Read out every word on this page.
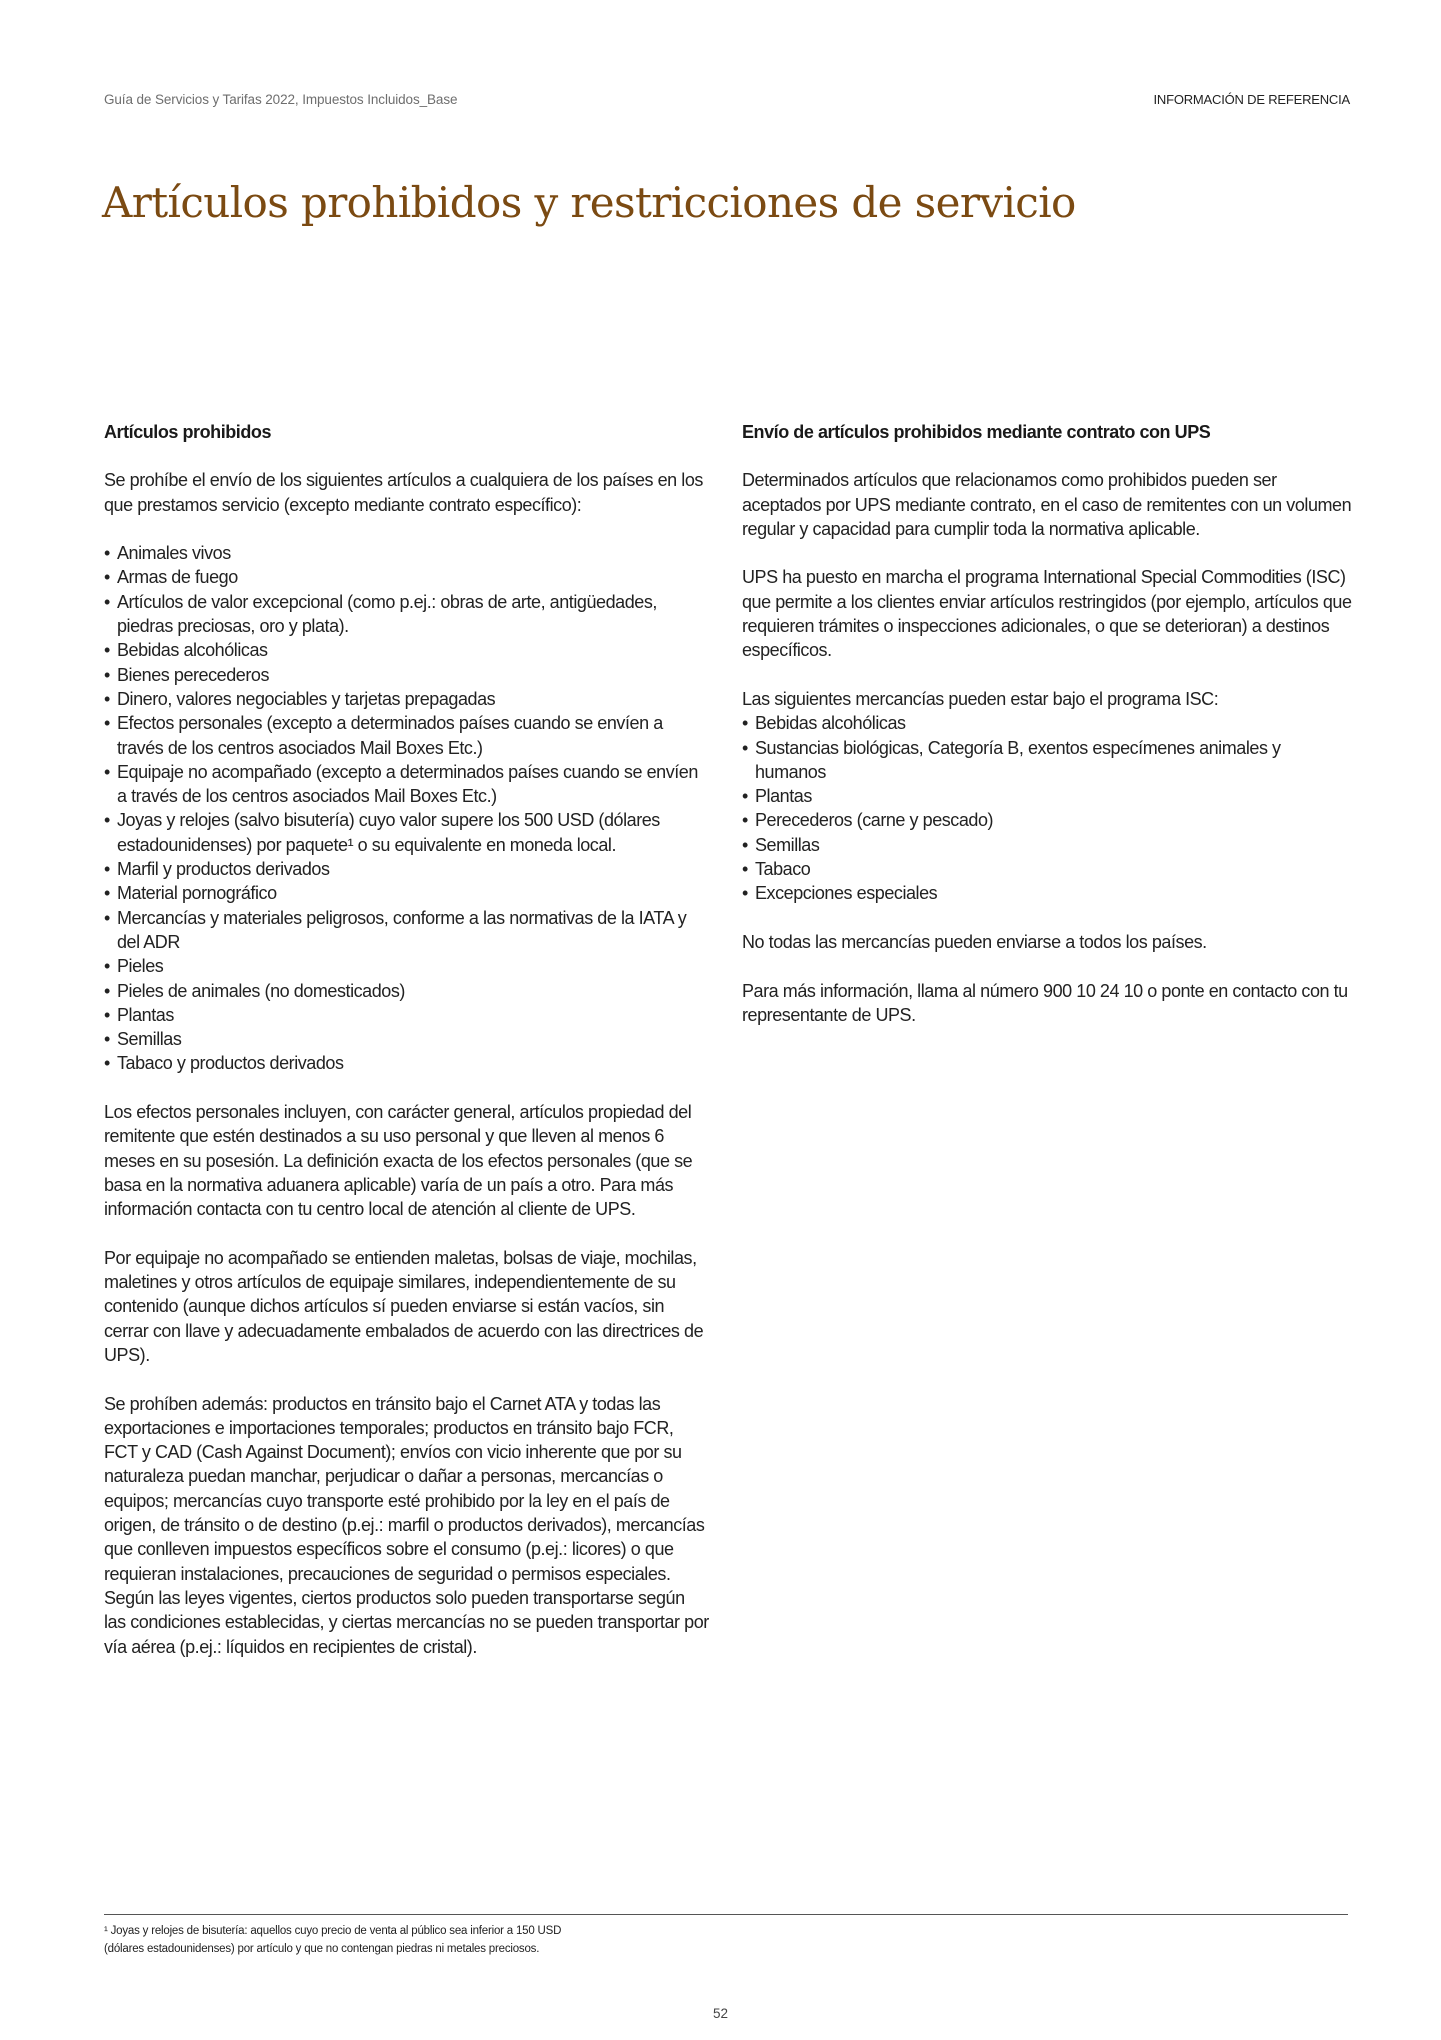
Guía de Servicios y Tarifas 2022, Impuestos Incluidos_Base	INFORMACIÓN DE REFERENCIA
Artículos prohibidos y restricciones de servicio
Artículos prohibidos

Se prohíbe el envío de los siguientes artículos a cualquiera de los países en los que prestamos servicio (excepto mediante contrato específico):

• Animales vivos
• Armas de fuego
• Artículos de valor excepcional (como p.ej.: obras de arte, antigüedades, piedras preciosas, oro y plata).
• Bebidas alcohólicas
• Bienes perecederos
• Dinero, valores negociables y tarjetas prepagadas
• Efectos personales (excepto a determinados países cuando se envíen a través de los centros asociados Mail Boxes Etc.)
• Equipaje no acompañado (excepto a determinados países cuando se envíen a través de los centros asociados Mail Boxes Etc.)
• Joyas y relojes (salvo bisutería) cuyo valor supere los 500 USD (dólares estadounidenses) por paquete¹ o su equivalente en moneda local.
• Marfil y productos derivados
• Material pornográfico
• Mercancías y materiales peligrosos, conforme a las normativas de la IATA y del ADR
• Pieles
• Pieles de animales (no domesticados)
• Plantas
• Semillas
• Tabaco y productos derivados

Los efectos personales incluyen, con carácter general, artículos propiedad del remitente que estén destinados a su uso personal y que lleven al menos 6 meses en su posesión. La definición exacta de los efectos personales (que se basa en la normativa aduanera aplicable) varía de un país a otro. Para más información contacta con tu centro local de atención al cliente de UPS.

Por equipaje no acompañado se entienden maletas, bolsas de viaje, mochilas, maletines y otros artículos de equipaje similares, independientemente de su contenido (aunque dichos artículos sí pueden enviarse si están vacíos, sin cerrar con llave y adecuadamente embalados de acuerdo con las directrices de UPS).

Se prohíben además: productos en tránsito bajo el Carnet ATA y todas las exportaciones e importaciones temporales; productos en tránsito bajo FCR, FCT y CAD (Cash Against Document); envíos con vicio inherente que por su naturaleza puedan manchar, perjudicar o dañar a personas, mercancías o equipos; mercancías cuyo transporte esté prohibido por la ley en el país de origen, de tránsito o de destino (p.ej.: marfil o productos derivados), mercancías que conlleven impuestos específicos sobre el consumo (p.ej.: licores) o que requieran instalaciones, precauciones de seguridad o permisos especiales. Según las leyes vigentes, ciertos productos solo pueden transportarse según las condiciones establecidas, y ciertas mercancías no se pueden transportar por vía aérea (p.ej.: líquidos en recipientes de cristal).

Envío de artículos prohibidos mediante contrato con UPS

Determinados artículos que relacionamos como prohibidos pueden ser aceptados por UPS mediante contrato, en el caso de remitentes con un volumen regular y capacidad para cumplir toda la normativa aplicable.

UPS ha puesto en marcha el programa International Special Commodities (ISC) que permite a los clientes enviar artículos restringidos (por ejemplo, artículos que requieren trámites o inspecciones adicionales, o que se deterioran) a destinos específicos.

Las siguientes mercancías pueden estar bajo el programa ISC:
• Bebidas alcohólicas
• Sustancias biológicas, Categoría B, exentos especímenes animales y humanos
• Plantas
• Perecederos (carne y pescado)
• Semillas
• Tabaco
• Excepciones especiales

No todas las mercancías pueden enviarse a todos los países.

Para más información, llama al número 900 10 24 10 o ponte en contacto con tu representante de UPS.

¹ Joyas y relojes de bisutería: aquellos cuyo precio de venta al público sea inferior a 150 USD
(dólares estadounidenses) por artículo y que no contengan piedras ni metales preciosos.
52
